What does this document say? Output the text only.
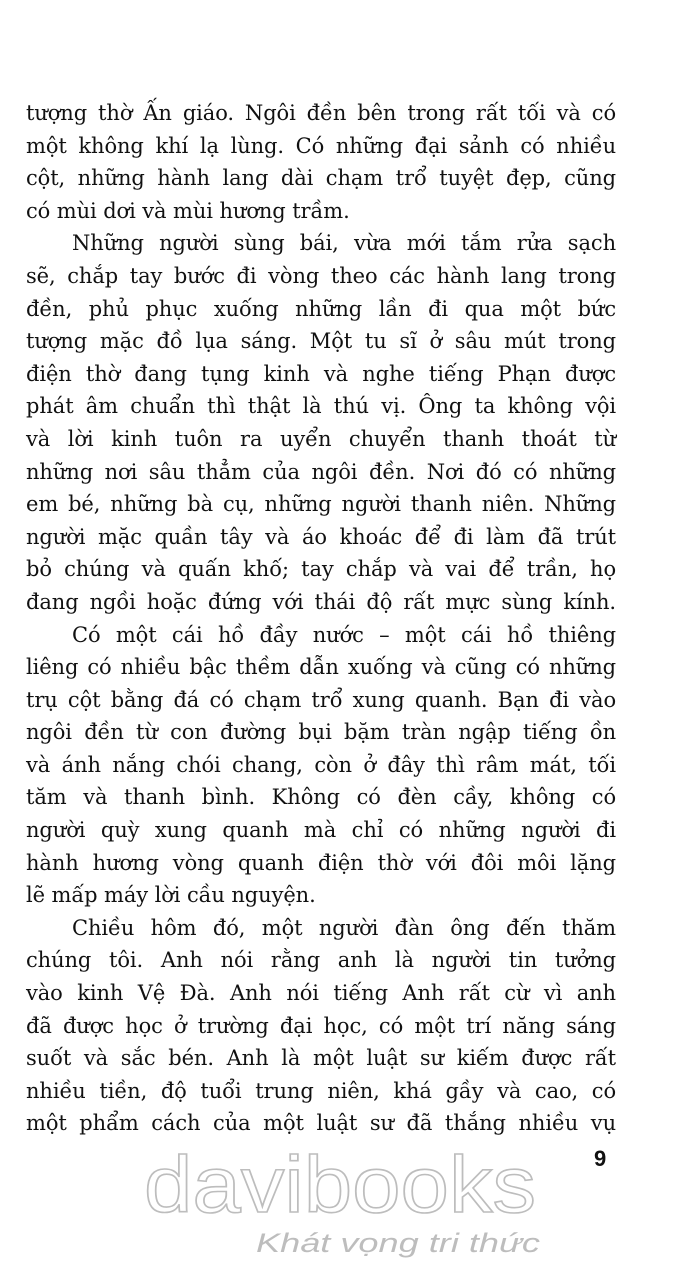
tượng thờ Ấn giáo. Ngôi đền bên trong rất tối và có
một không khí lạ lùng. Có những đại sảnh có nhiều
cột, những hành lang dài chạm trổ tuyệt đẹp, cũng
có mùi dơi và mùi hương trầm.
Những người sùng bái, vừa mới tắm rửa sạch
sẽ, chắp tay bước đi vòng theo các hành lang trong
đền, phủ phục xuống những lần đi qua một bức
tượng mặc đồ lụa sáng. Một tu sĩ ở sâu mút trong
điện thờ đang tụng kinh và nghe tiếng Phạn được
phát âm chuẩn thì thật là thú vị. Ông ta không vội
và lời kinh tuôn ra uyển chuyển thanh thoát từ
những nơi sâu thẳm của ngôi đền. Nơi đó có những
em bé, những bà cụ, những người thanh niên. Những
người mặc quần tây và áo khoác để đi làm đã trút
bỏ chúng và quấn khố; tay chắp và vai để trần, họ
đang ngồi hoặc đứng với thái độ rất mực sùng kính.
Có một cái hồ đầy nước – một cái hồ thiêng
liêng có nhiều bậc thềm dẫn xuống và cũng có những
trụ cột bằng đá có chạm trổ xung quanh. Bạn đi vào
ngôi đền từ con đường bụi bặm tràn ngập tiếng ồn
và ánh nắng chói chang, còn ở đây thì râm mát, tối
tăm và thanh bình. Không có đèn cầy, không có
người quỳ xung quanh mà chỉ có những người đi
hành hương vòng quanh điện thờ với đôi môi lặng
lẽ mấp máy lời cầu nguyện.
Chiều hôm đó, một người đàn ông đến thăm
chúng tôi. Anh nói rằng anh là người tin tưởng
vào kinh Vệ Đà. Anh nói tiếng Anh rất cừ vì anh
đã được học ở trường đại học, có một trí năng sáng
suốt và sắc bén. Anh là một luật sư kiếm được rất
nhiều tiền, độ tuổi trung niên, khá gầy và cao, có
một phẩm cách của một luật sư đã thắng nhiều vụ
9
davibooks
Khát vọng tri thức
